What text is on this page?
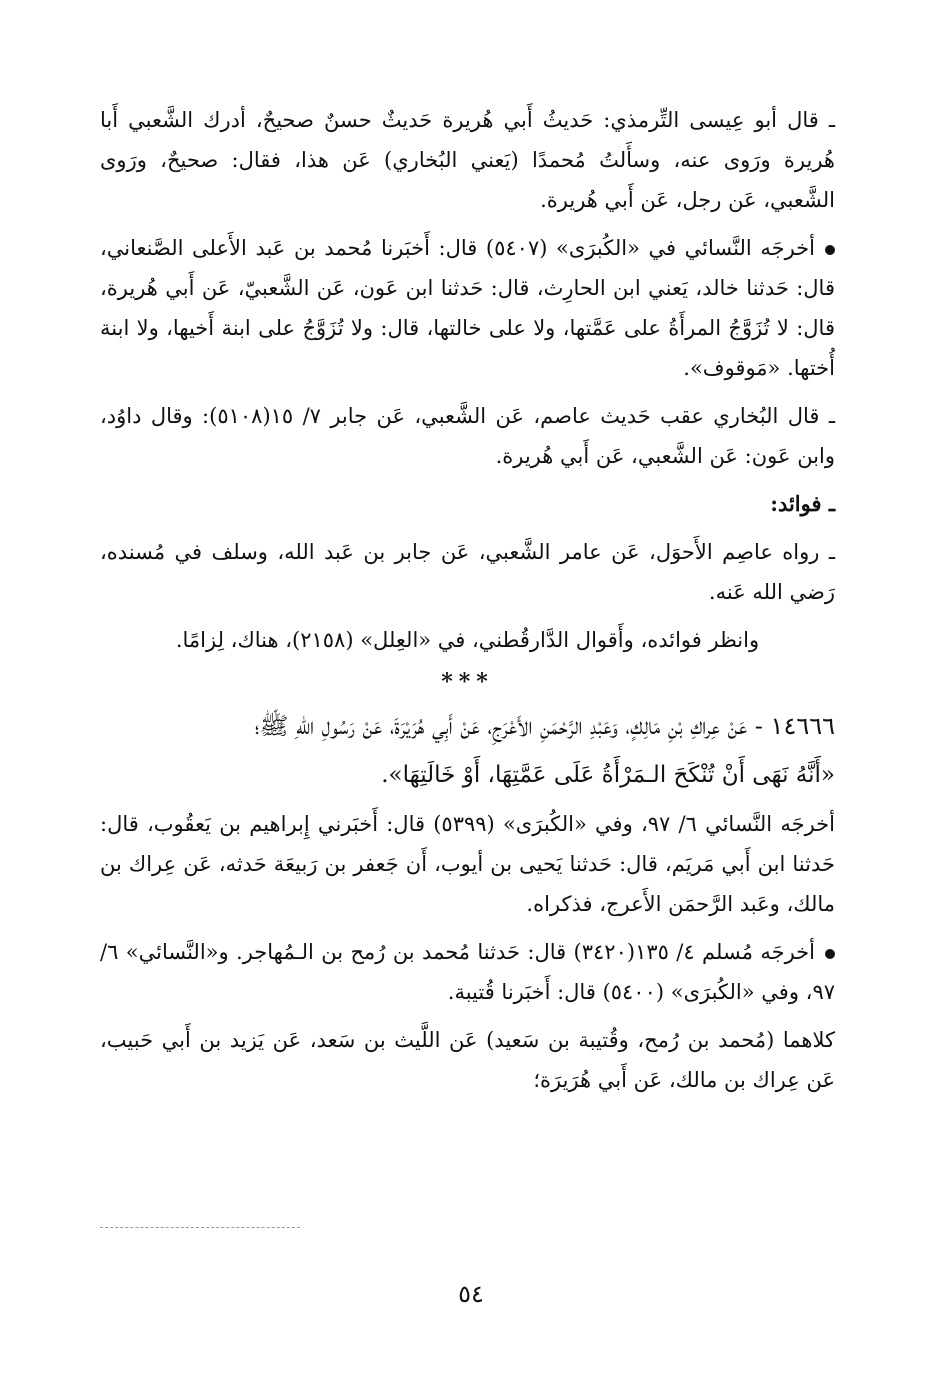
ـ قال أبو عِيسى التِّرمذي: حَديثُ أَبي هُريرة حَديثٌ حسنٌ صحيحٌ، أدرك الشَّعبي أَبا هُريرة ورَوى عنه، وسأَلتُ مُحمدًا (يَعني البُخاري) عَن هذا، فقال: صحيحٌ، ورَوى الشَّعبي، عَن رجل، عَن أَبي هُريرة.

أخرجَه النَّسائي في «الكُبرَى» (٥٤٠٧) قال: أَخبَرنا مُحمد بن عَبد الأَعلى الصَّنعاني، قال: حَدثنا خالد، يَعني ابن الحارِث، قال: حَدثنا ابن عَون، عَن الشَّعبيّ، عَن أَبي هُريرة، قال: لا تُزَوَّجُ المرأَةُ على عَمَّتها، ولا على خالتها، قال: ولا تُزَوَّجُ على ابنة أَخيها، ولا ابنة أُختها. «مَوقوف».

ـ قال البُخاري عقب حَديث عاصم، عَن الشَّعبي، عَن جابر ٧/ ١٥(٥١٠٨): وقال داوُد، وابن عَون: عَن الشَّعبي، عَن أَبي هُريرة.

ـ فوائد:

ـ رواه عاصِم الأَحوَل، عَن عامر الشَّعبي، عَن جابر بن عَبد الله، وسلف في مُسنده، رَضي الله عَنه.

وانظر فوائده، وأَقوال الدَّارقُطني، في «العِلل» (٢١٥٨)، هناك، لِزامًا.

***

١٤٦٦٦ - عَنْ عِراكِ بْنِ مَالِكٍ، وَعَبْدِ الرَّحْمَنِ الأَعْرَجِ، عَنْ أَبِي هُرَيْرَةَ، عَنْ رَسُولِ اللهِ ﷺ؛

«أَنَّهُ نَهَى أَنْ تُنْكَحَ الـمَرْأَةُ عَلَى عَمَّتِهَا، أَوْ خَالَتِهَا».

أخرجَه النَّسائي ٦/ ٩٧، وفي «الكُبرَى» (٥٣٩٩) قال: أَخبَرني إِبراهيم بن يَعقُوب، قال: حَدثنا ابن أَبي مَريَم، قال: حَدثنا يَحيى بن أيوب، أَن جَعفر بن رَبيعَة حَدثه، عَن عِراك بن مالك، وعَبد الرَّحمَن الأَعرج، فذكراه.

أخرجَه مُسلم ٤/ ١٣٥(٣٤٢٠) قال: حَدثنا مُحمد بن رُمح بن الـمُهاجر. و«النَّسائي» ٦/ ٩٧، وفي «الكُبرَى» (٥٤٠٠) قال: أَخبَرنا قُتيبة.

كلاهما (مُحمد بن رُمح، وقُتيبة بن سَعيد) عَن اللَّيث بن سَعد، عَن يَزيد بن أَبي حَبيب، عَن عِراك بن مالك، عَن أَبي هُرَيرَة؛

٥٤
